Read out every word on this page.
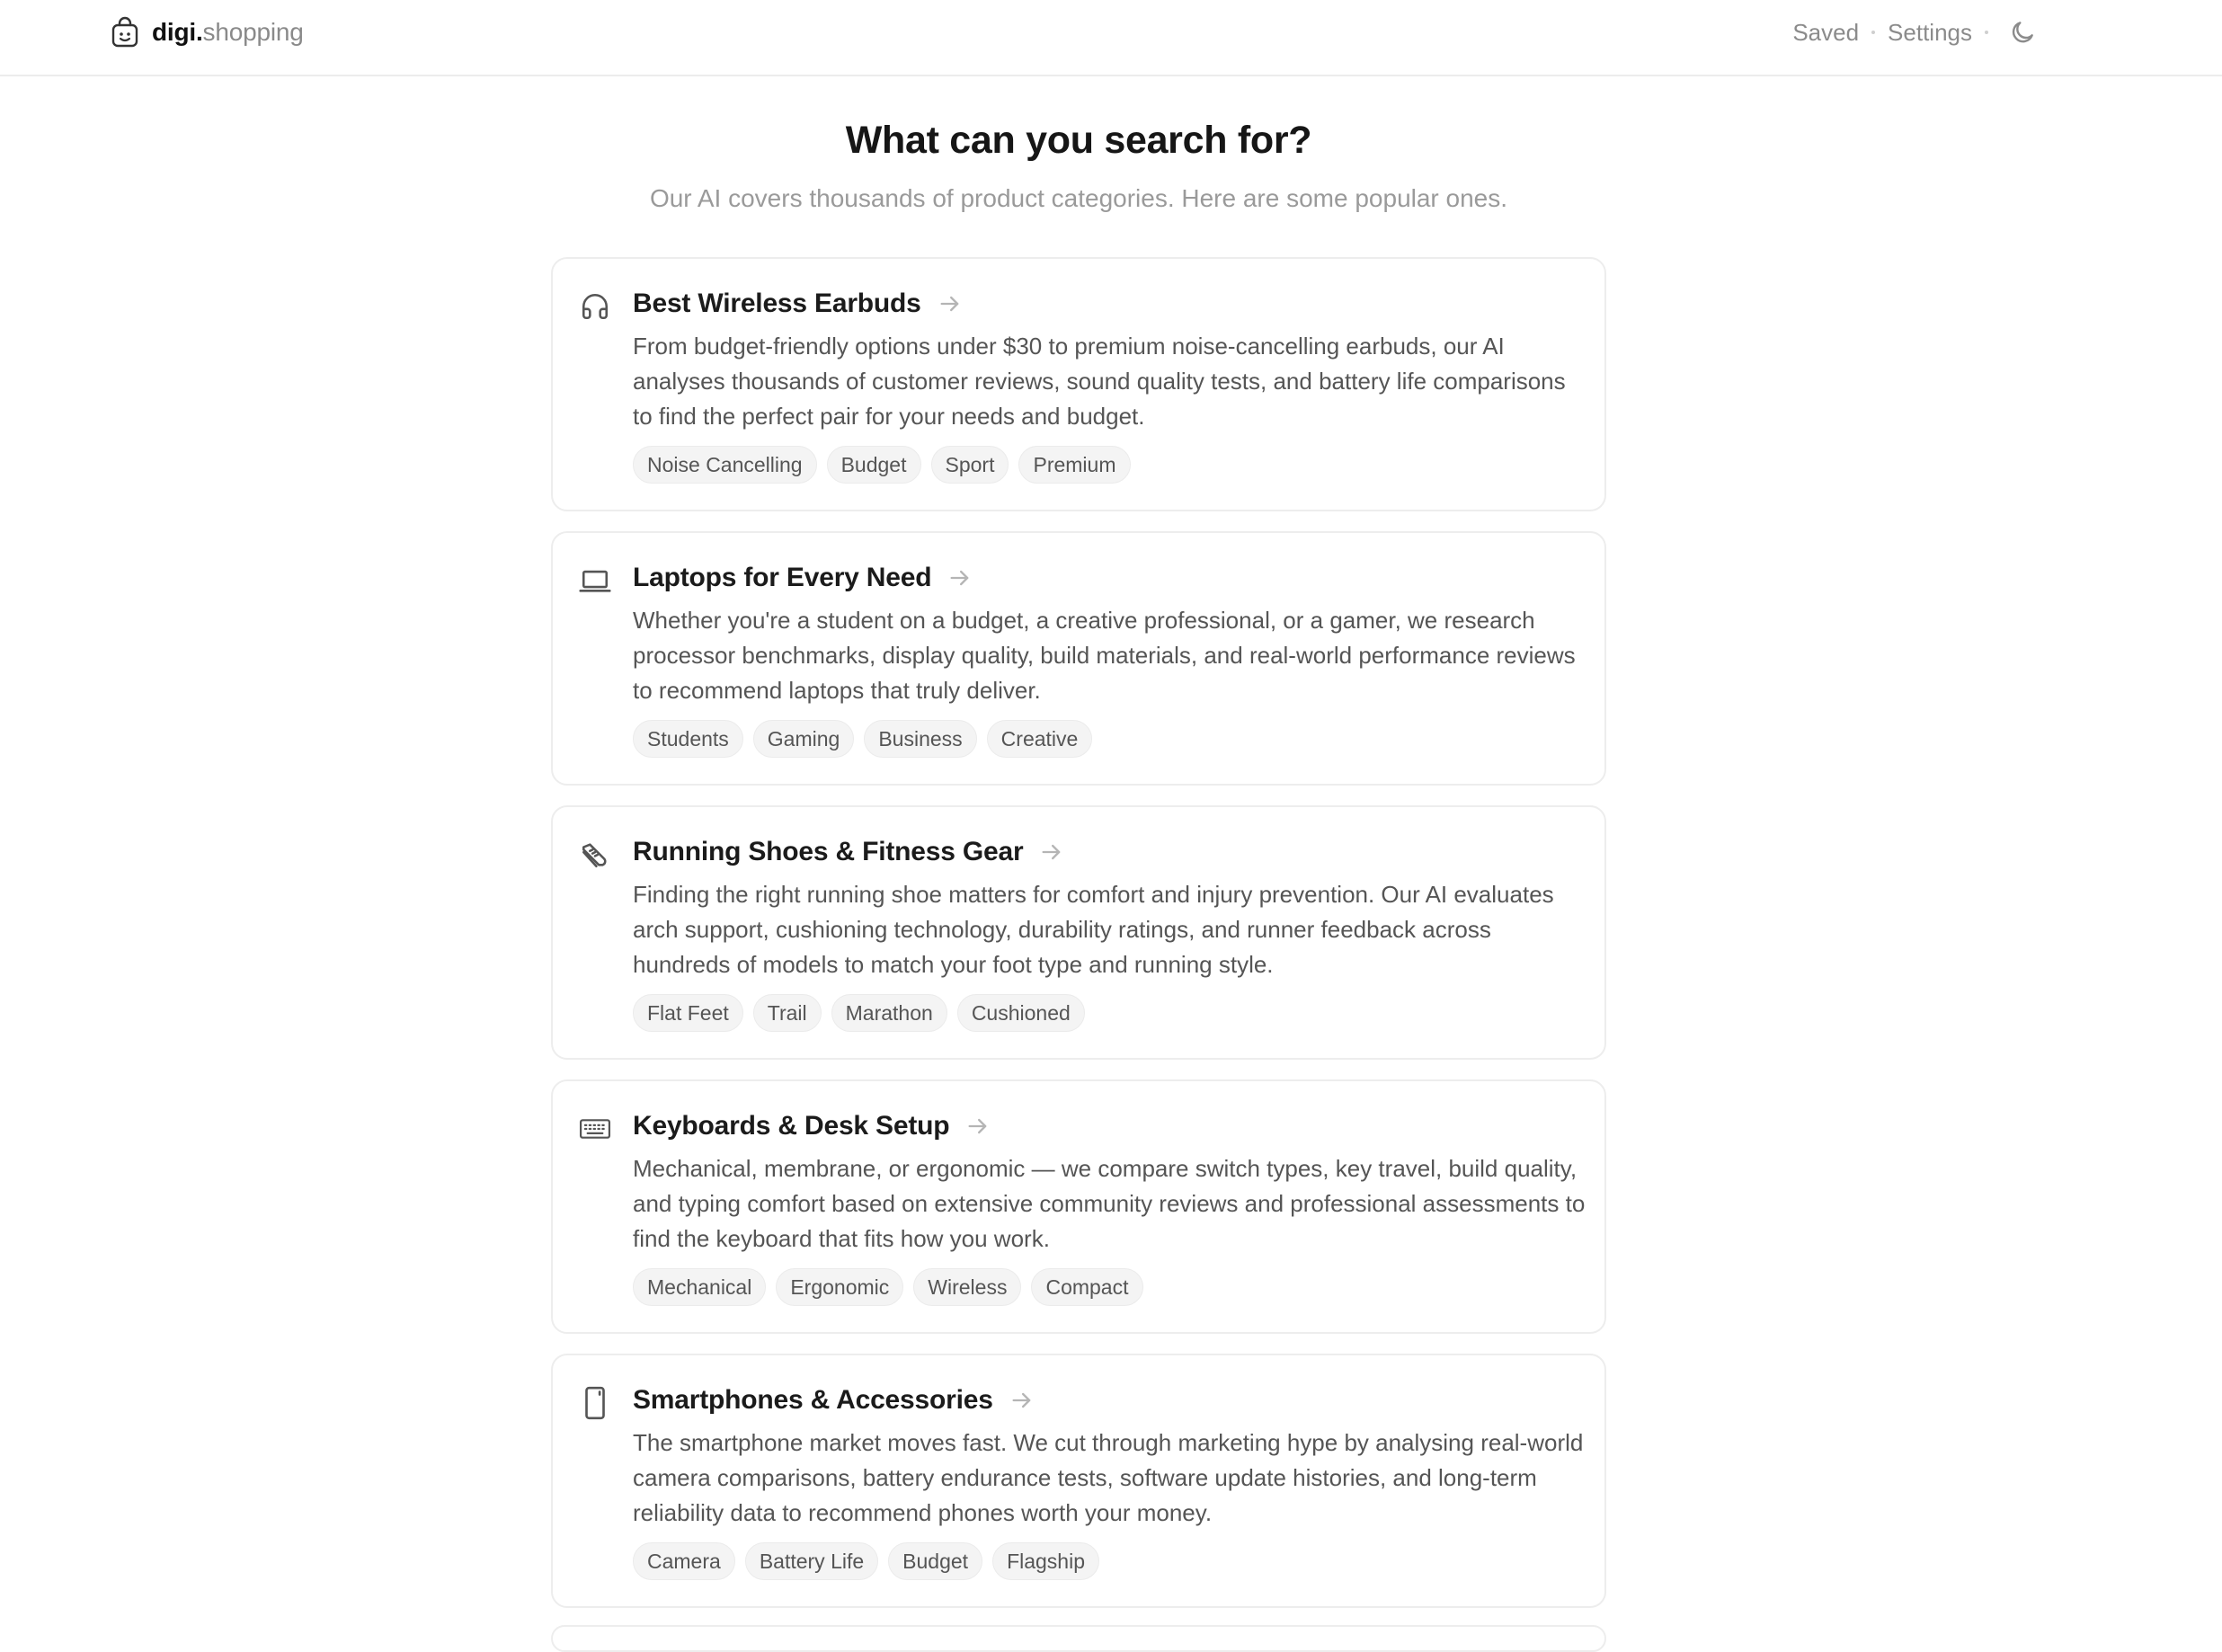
digi.shopping	Saved Settings
What can you search for?

Our AI covers thousands of product categories. Here are some popular ones.

Best Wireless Earbuds

From budget-friendly options under $30 to premium noise-cancelling earbuds, our AI analyses thousands of customer reviews, sound quality tests, and battery life comparisons to find the perfect pair for your needs and budget.

Noise Cancelling	Budget	Sport	Premium
Laptops for Every Need

Whether you're a student on a budget, a creative professional, or a gamer, we research processor benchmarks, display quality, build materials, and real-world performance reviews to recommend laptops that truly deliver.

Students	Gaming	Business	Creative
Running Shoes & Fitness Gear

Finding the right running shoe matters for comfort and injury prevention. Our AI evaluates arch support, cushioning technology, durability ratings, and runner feedback across hundreds of models to match your foot type and running style.

Flat Feet	Trail	Marathon	Cushioned
Keyboards & Desk Setup

Mechanical, membrane, or ergonomic — we compare switch types, key travel, build quality, and typing comfort based on extensive community reviews and professional assessments to find the keyboard that fits how you work.

Mechanical	Ergonomic	Wireless	Compact
Smartphones & Accessories

The smartphone market moves fast. We cut through marketing hype by analysing real-world camera comparisons, battery endurance tests, software update histories, and long-term reliability data to recommend phones worth your money.

Camera	Battery Life	Budget	Flagship
